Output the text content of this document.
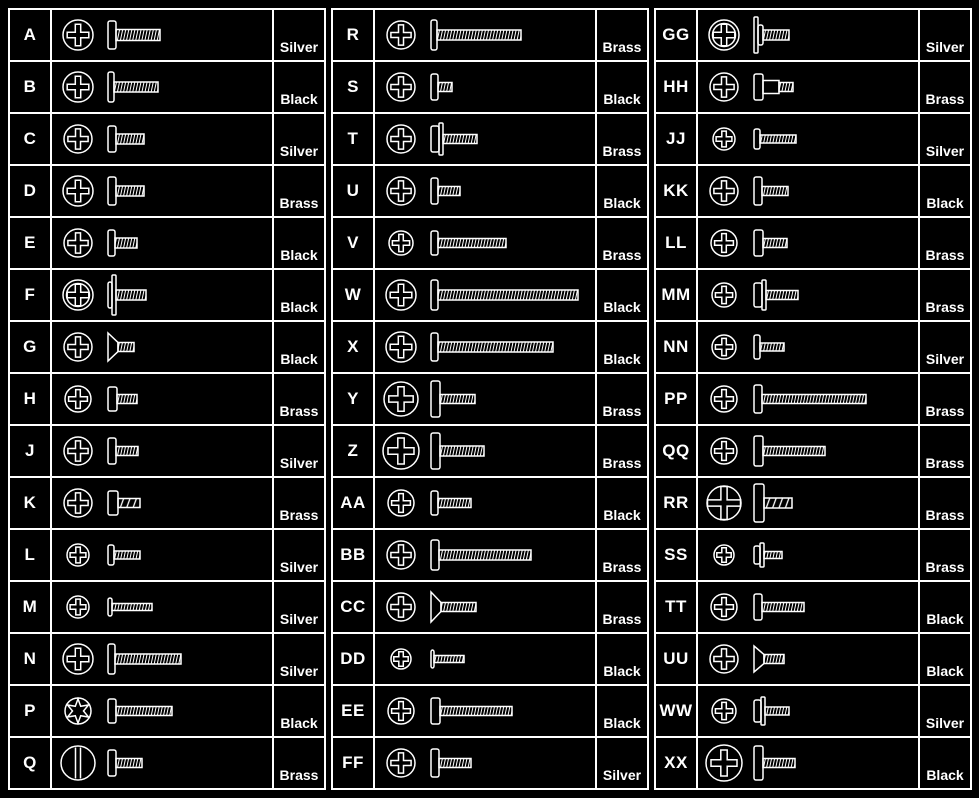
A
Silver
B
Black
C
Silver
D
Brass
E
Black
F
Black
G
Black
H
Brass
J
Silver
K
Brass
L
Silver
M
Silver
N
Silver
P
Black
Q
Brass
R
Brass
S
Black
T
Brass
U
Black
V
Brass
W
Black
X
Black
Y
Brass
Z
Brass
AA
Black
BB
Brass
CC
Brass
DD
Black
EE
Black
FF
Silver
GG
Silver
HH
Brass
JJ
Silver
KK
Black
LL
Brass
MM
Brass
NN
Silver
PP
Brass
QQ
Brass
RR
Brass
SS
Brass
TT
Black
UU
Black
WW
Silver
XX
Black
